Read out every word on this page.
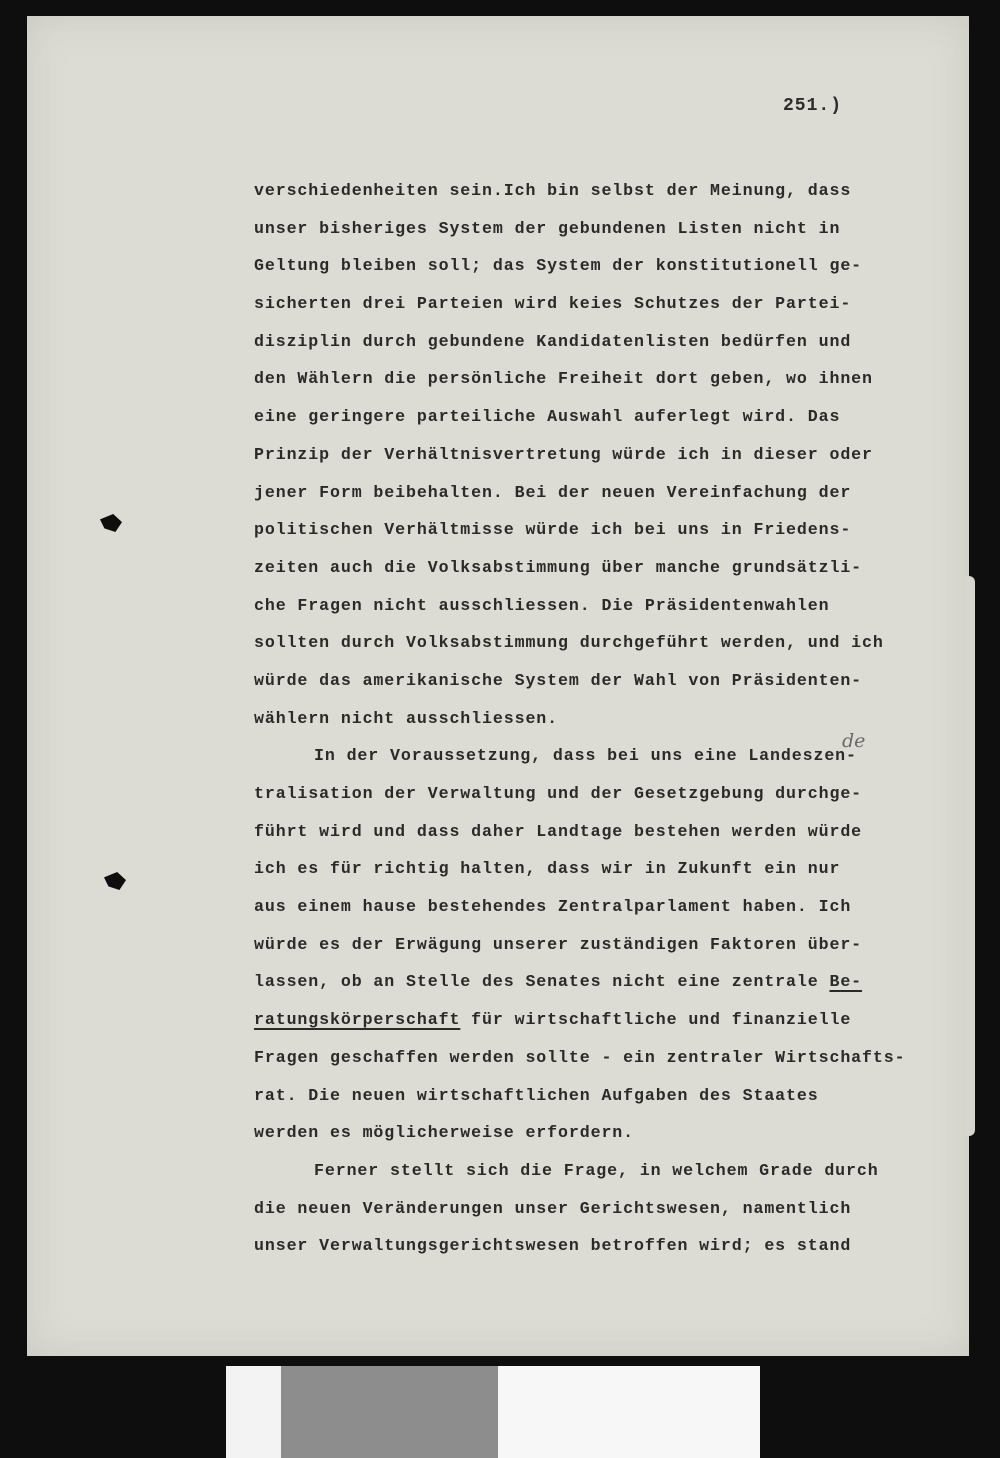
251.)
de
verschiedenheiten sein.Ich bin selbst der Meinung, dass
unser bisheriges System der gebundenen Listen nicht in
Geltung bleiben soll; das System der konstitutionell ge-
sicherten drei Parteien wird keies Schutzes der Partei-
disziplin durch gebundene Kandidatenlisten bedürfen und
den Wählern die persönliche Freiheit dort geben, wo ihnen
eine geringere parteiliche Auswahl auferlegt wird. Das
Prinzip der Verhältnisvertretung würde ich in dieser oder
jener Form beibehalten. Bei der neuen Vereinfachung der
politischen Verhältmisse würde ich bei uns in Friedens-
zeiten auch die Volksabstimmung über manche grundsätzli-
che Fragen nicht ausschliessen. Die Präsidentenwahlen
sollten durch Volksabstimmung durchgeführt werden, und ich
würde das amerikanische System der Wahl von Präsidenten-
wählern nicht ausschliessen.
In der Voraussetzung, dass bei uns eine Landeszen-
tralisation der Verwaltung und der Gesetzgebung durchge-
führt wird und dass daher Landtage bestehen werden würde
ich es für richtig halten, dass wir in Zukunft ein nur
aus einem hause bestehendes Zentralparlament haben. Ich
würde es der Erwägung unserer zuständigen Faktoren über-
lassen, ob an Stelle des Senates nicht eine zentrale Be-
ratungskörperschaft für wirtschaftliche und finanzielle
Fragen geschaffen werden sollte - ein zentraler Wirtschafts-
rat. Die neuen wirtschaftlichen Aufgaben des Staates
werden es möglicherweise erfordern.
Ferner stellt sich die Frage, in welchem Grade durch
die neuen Veränderungen unser Gerichtswesen, namentlich
unser Verwaltungsgerichtswesen betroffen wird; es stand
